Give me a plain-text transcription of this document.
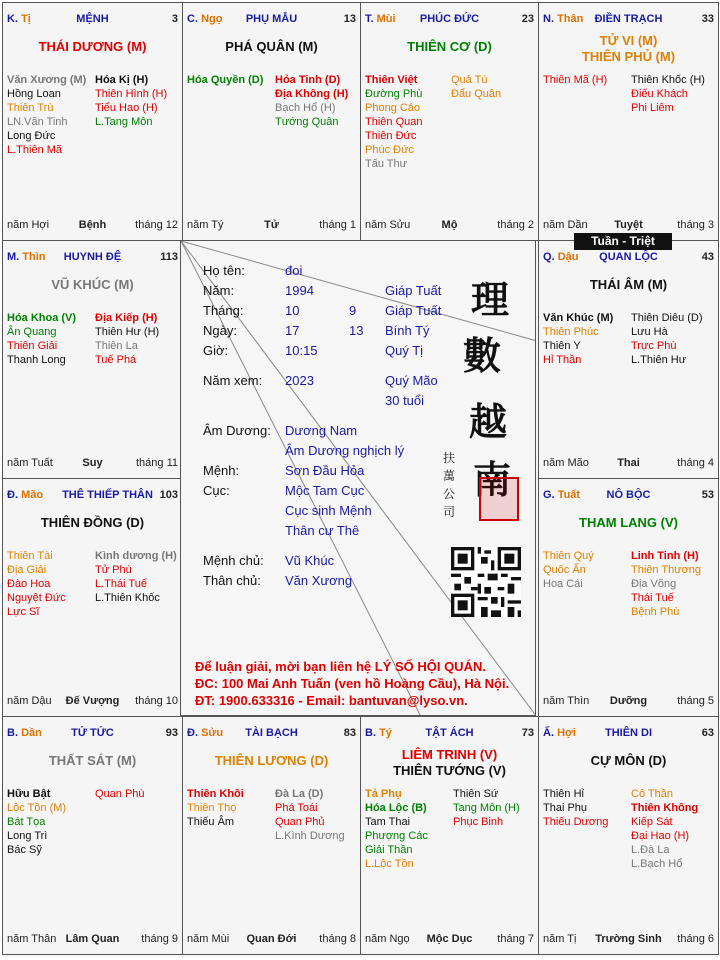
MỆNH
K. Tị	3
THÁI DƯƠNG (M)
Văn Xương (M)
Hồng Loan
Thiên Trù
LN.Văn Tinh
Long Đức
L.Thiên Mã
Hóa Kị (H)
Thiên Hình (H)
Tiểu Hao (H)
L.Tang Môn
năm Hợi	Bệnh	tháng 12
PHỤ MẪU
C. Ngọ	13
PHÁ QUÂN (M)
Hóa Quyền (D) Hỏa Tinh (D)
Địa Không (H)
Bạch Hổ (H)
Tướng Quân
năm Tý	Tử	tháng 1
PHÚC ĐỨC
T. Mùi	23
THIÊN CƠ (D)
Thiên Việt
Đường Phù
Phong Cáo
Thiên Quan
Thiên Đức
Phúc Đức
Tấu Thư
Quả Tú
Đẩu Quân
năm Sửu	Mộ	tháng 2
ĐIỀN TRẠCH
N. Thân	33
TỬ VI (M)
THIÊN PHỦ (M)
Thiên Mã (H) Thiên Khốc (H)
Điếu Khách
Phi Liêm
năm Dần	Tuyệt	tháng 3
HUYNH ĐỆ
M. Thìn	113
VŨ KHÚC (M)
Hóa Khoa (V)
Ân Quang
Thiên Giải
Thanh Long
Địa Kiếp (H)
Thiên Hư (H)
Thiên La
Tuế Phá
năm Tuất	Suy	tháng 11
QUAN LỘC
Q. Dậu	43
THÁI ÂM (M)
Văn Khúc (M)
Thiên Phúc
Thiên Y
Hỉ Thần
Thiên Diêu (D)
Lưu Hà
Trực Phù
L.Thiên Hư
năm Mão	Thai	tháng 4
THÊ THIẾP THÂN
Đ. Mão	103
THIÊN ĐỒNG (D)
Thiên Tài
Địa Giải
Đào Hoa
Nguyệt Đức
Lực Sĩ
Kình dương (H)
Tử Phù
L.Thái Tuế
L.Thiên Khốc
năm Dậu	Đế Vượng	tháng 10
NÔ BỘC
G. Tuất	53
THAM LANG (V)
Thiên Quý
Quốc Ấn
Hoa Cái
Linh Tinh (H)
Thiên Thương
Địa Võng
Thái Tuế
Bệnh Phù
năm Thìn	Dưỡng	tháng 5
TỬ TỨC
B. Dần	93
THẤT SÁT (M)
Hữu Bật
Lộc Tồn (M)
Bát Tọa
Long Trì
Bác Sỹ
Quan Phù
năm Thân Lâm Quan	tháng 9
TÀI BẠCH
Đ. Sửu	83
THIÊN LƯƠNG (D)
Thiên Khôi
Thiên Thọ
Thiếu Âm
Đà La (D)
Phá Toái
Quan Phủ
L.Kình Dương
năm Mùi	Quan Đới	tháng 8
TẬT ÁCH
B. Tý	73
LIÊM TRINH (V)
THIÊN TƯỚNG (V)
Tả Phụ
Hóa Lộc (B)
Tam Thai
Phượng Các
Giải Thần
L.Lộc Tồn
Thiên Sứ
Tang Môn (H)
Phục Binh
năm Ngọ	Mộc Dục	tháng 7
THIÊN DI
Ấ. Hợi	63
CỰ MÔN (D)
Thiên Hỉ
Thai Phụ
Thiếu Dương
Cô Thần
Thiên Không
Kiếp Sát
Đại Hao (H)
L.Đà La
L.Bạch Hổ
năm Tị	Trường Sinh	tháng 6
Tuần - Triệt
Họ tên:	đoi
Năm:	1994	Giáp Tuất
Tháng:	10	9 Giáp Tuất
Ngày:	17	13 Bính Tý
Giờ:	10:15	Quý Tị
Năm xem: 2023	Quý Mão
30 tuổi
Âm Dương: Dương Nam
Âm Dương nghịch lý
Mệnh:	Sơn Đầu Hỏa
Cục:	Mộc Tam Cục
Cục sinh Mệnh
Thân cư Thê
Mệnh chủ: Vũ Khúc
Thân chủ: Văn Xương
理
數
越
南
扶萬公司
Để luận giải, mời bạn liên hệ LÝ SỐ HỘI QUÁN.
ĐC: 100 Mai Anh Tuấn (ven hồ Hoàng Cầu), Hà Nội.
ĐT: 1900.633316 - Email: bantuvan@lyso.vn.
